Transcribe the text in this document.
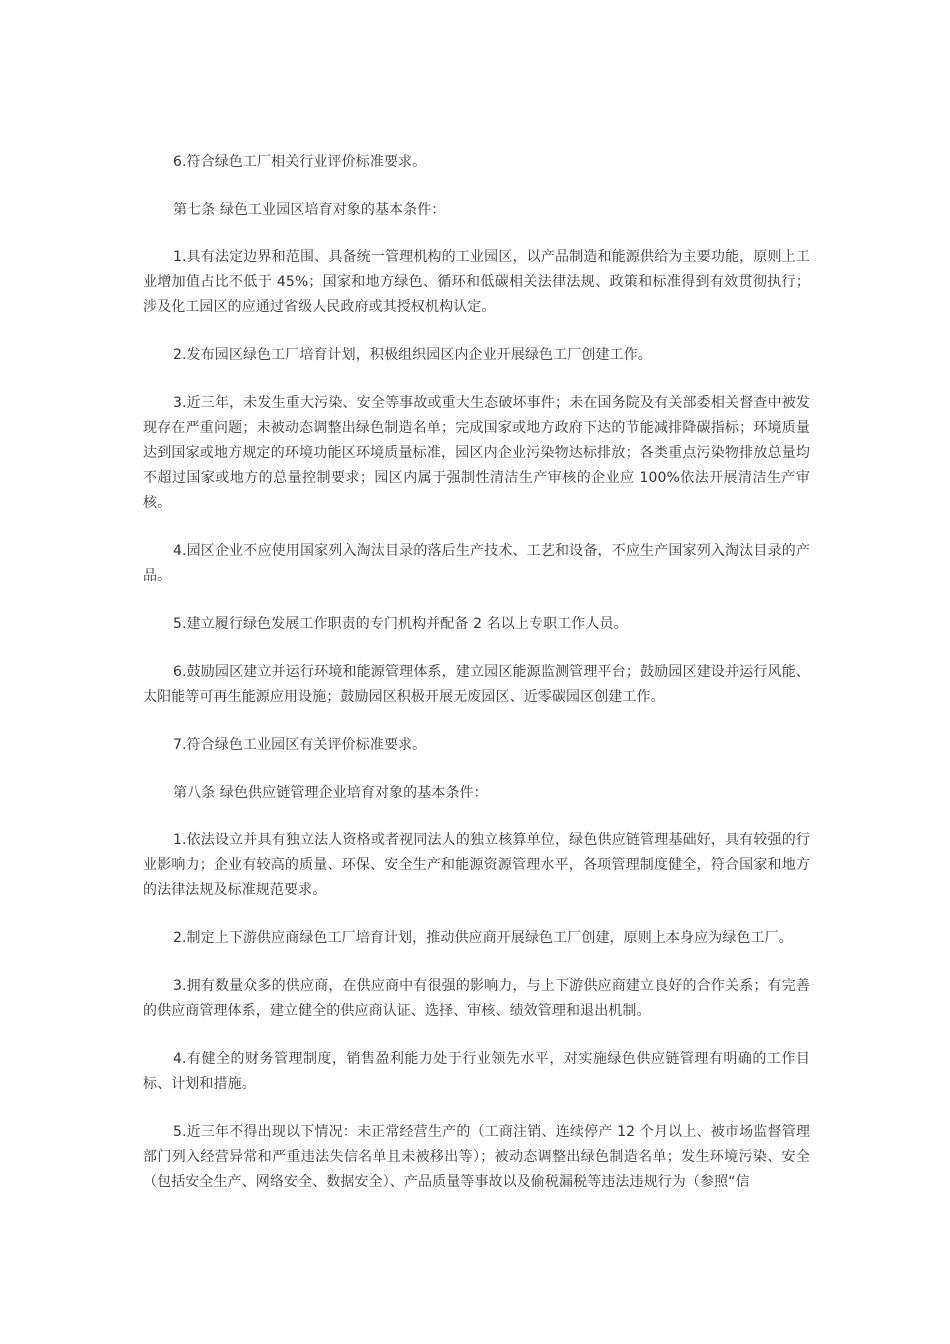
6.符合绿色工厂相关行业评价标准要求。

第七条 绿色工业园区培育对象的基本条件：

1.具有法定边界和范围、具备统一管理机构的工业园区，以产品制造和能源供给为主要功能，原则上工业增加值占比不低于 45%；国家和地方绿色、循环和低碳相关法律法规、政策和标准得到有效贯彻执行；涉及化工园区的应通过省级人民政府或其授权机构认定。

2.发布园区绿色工厂培育计划，积极组织园区内企业开展绿色工厂创建工作。

3.近三年，未发生重大污染、安全等事故或重大生态破坏事件；未在国务院及有关部委相关督查中被发现存在严重问题；未被动态调整出绿色制造名单；完成国家或地方政府下达的节能减排降碳指标；环境质量达到国家或地方规定的环境功能区环境质量标准，园区内企业污染物达标排放；各类重点污染物排放总量均不超过国家或地方的总量控制要求；园区内属于强制性清洁生产审核的企业应 100%依法开展清洁生产审核。

4.园区企业不应使用国家列入淘汰目录的落后生产技术、工艺和设备，不应生产国家列入淘汰目录的产品。

5.建立履行绿色发展工作职责的专门机构并配备 2 名以上专职工作人员。

6.鼓励园区建立并运行环境和能源管理体系，建立园区能源监测管理平台；鼓励园区建设并运行风能、太阳能等可再生能源应用设施；鼓励园区积极开展无废园区、近零碳园区创建工作。

7.符合绿色工业园区有关评价标准要求。

第八条 绿色供应链管理企业培育对象的基本条件：

1.依法设立并具有独立法人资格或者视同法人的独立核算单位，绿色供应链管理基础好，具有较强的行业影响力；企业有较高的质量、环保、安全生产和能源资源管理水平，各项管理制度健全，符合国家和地方的法律法规及标准规范要求。

2.制定上下游供应商绿色工厂培育计划，推动供应商开展绿色工厂创建，原则上本身应为绿色工厂。

3.拥有数量众多的供应商，在供应商中有很强的影响力，与上下游供应商建立良好的合作关系；有完善的供应商管理体系，建立健全的供应商认证、选择、审核、绩效管理和退出机制。

4.有健全的财务管理制度，销售盈利能力处于行业领先水平，对实施绿色供应链管理有明确的工作目标、计划和措施。

5.近三年不得出现以下情况：未正常经营生产的（工商注销、连续停产 12 个月以上、被市场监督管理部门列入经营异常和严重违法失信名单且未被移出等）；被动态调整出绿色制造名单；发生环境污染、安全（包括安全生产、网络安全、数据安全）、产品质量等事故以及偷税漏税等违法违规行为（参照“信
